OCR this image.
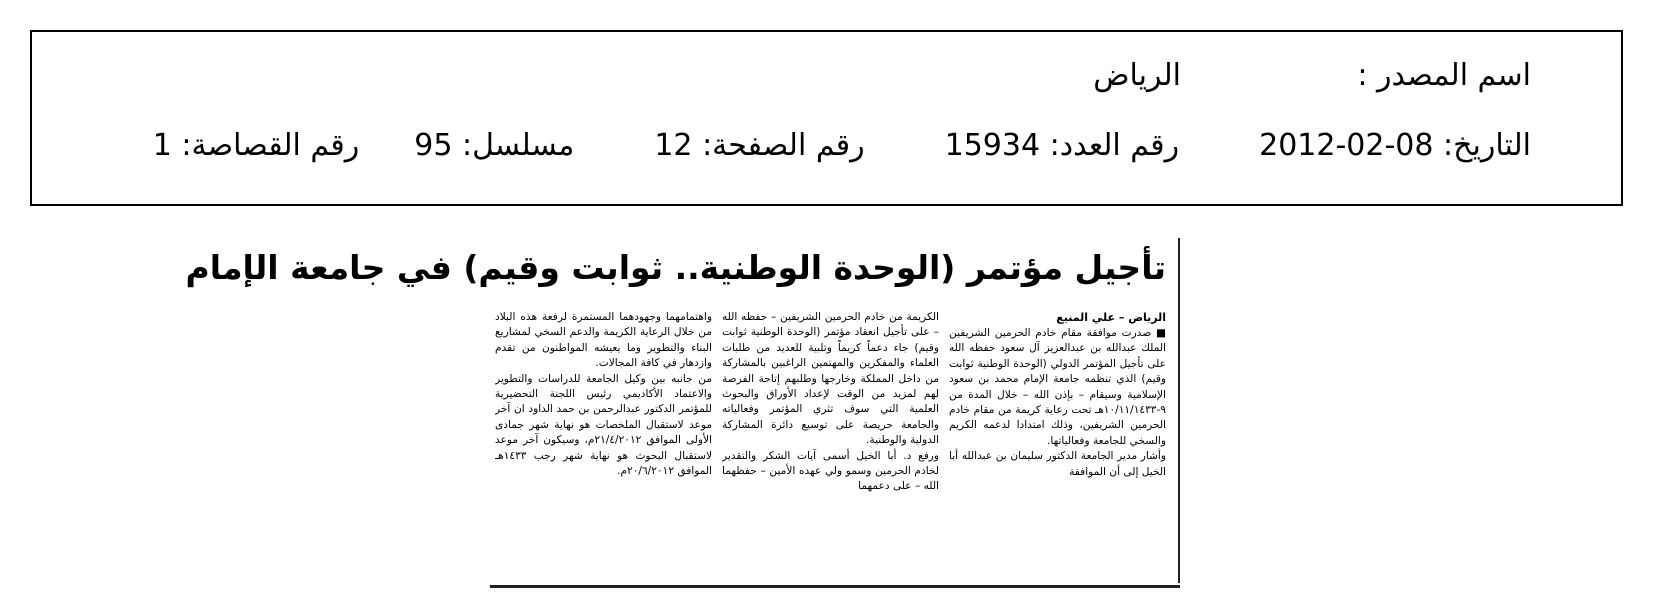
اسم المصدر :الرياض
التاريخ: 2012-02-08رقم العدد: 15934رقم الصفحة: 12مسلسل: 95رقم القصاصة: 1
تأجيل مؤتمر (الوحدة الوطنية.. ثوابت وقيم) في جامعة الإمام

الرياض – علي المنيع

■ صدرت موافقة مقام خادم الحرمين الشريفين الملك عبدالله بن عبدالعزيز آل سعود حفظه الله على تأجيل المؤتمر الدولي (الوحدة الوطنية ثوابت وقيم) الذي تنظمه جامعة الإمام محمد بن سعود الإسلامية وسيقام – بإذن الله – خلال المدة من ٩-١٠/١١/١٤٣٣هـ تحت رعاية كريمة من مقام خادم الحرمين الشريفين، وذلك امتدادا لدعمه الكريم والسخي للجامعة وفعالياتها.

وأشار مدير الجامعة الدكتور سليمان بن عبدالله أبا الخيل إلى أن الموافقة

الكريمة من خادم الحرمين الشريفين – حفظه الله – على تأجيل انعقاد مؤتمر (الوحدة الوطنية ثوابت وقيم) جاء دعماً كريماً وتلبية للعديد من طلبات العلماء والمفكرين والمهتمين الراغبين بالمشاركة من داخل المملكة وخارجها وطلبهم إتاحة الفرصة لهم لمزيد من الوقت لإعداد الأوراق والبحوث العلمية التي سوف تثري المؤتمر وفعالياته والجامعة حريصة على توسيع دائرة المشاركة الدولية والوطنية.

ورفع د. أبا الخيل أسمى آيات الشكر والتقدير لخادم الحرمين وسمو ولي عهده الأمين – حفظهما الله – على دعمهما

واهتمامهما وجهودهما المستمرة لرفعة هذه البلاد من خلال الرعاية الكريمة والدعم السخي لمشاريع البناء والتطوير وما يعيشه المواطنون من تقدم وازدهار في كافة المجالات.

من جانبه بين وكيل الجامعة للدراسات والتطوير والاعتماد الأكاديمي رئيس اللجنة التحضيرية للمؤتمر الدكتور عبدالرحمن بن حمد الداود ان آخر موعد لاستقبال الملخصات هو نهاية شهر جمادى الأولى الموافق ٢١/٤/٢٠١٢م، وسيكون آخر موعد لاستقبال البحوث هو نهاية شهر رجب ١٤٣٣هـ الموافق ٢٠/٦/٢٠١٢م.
